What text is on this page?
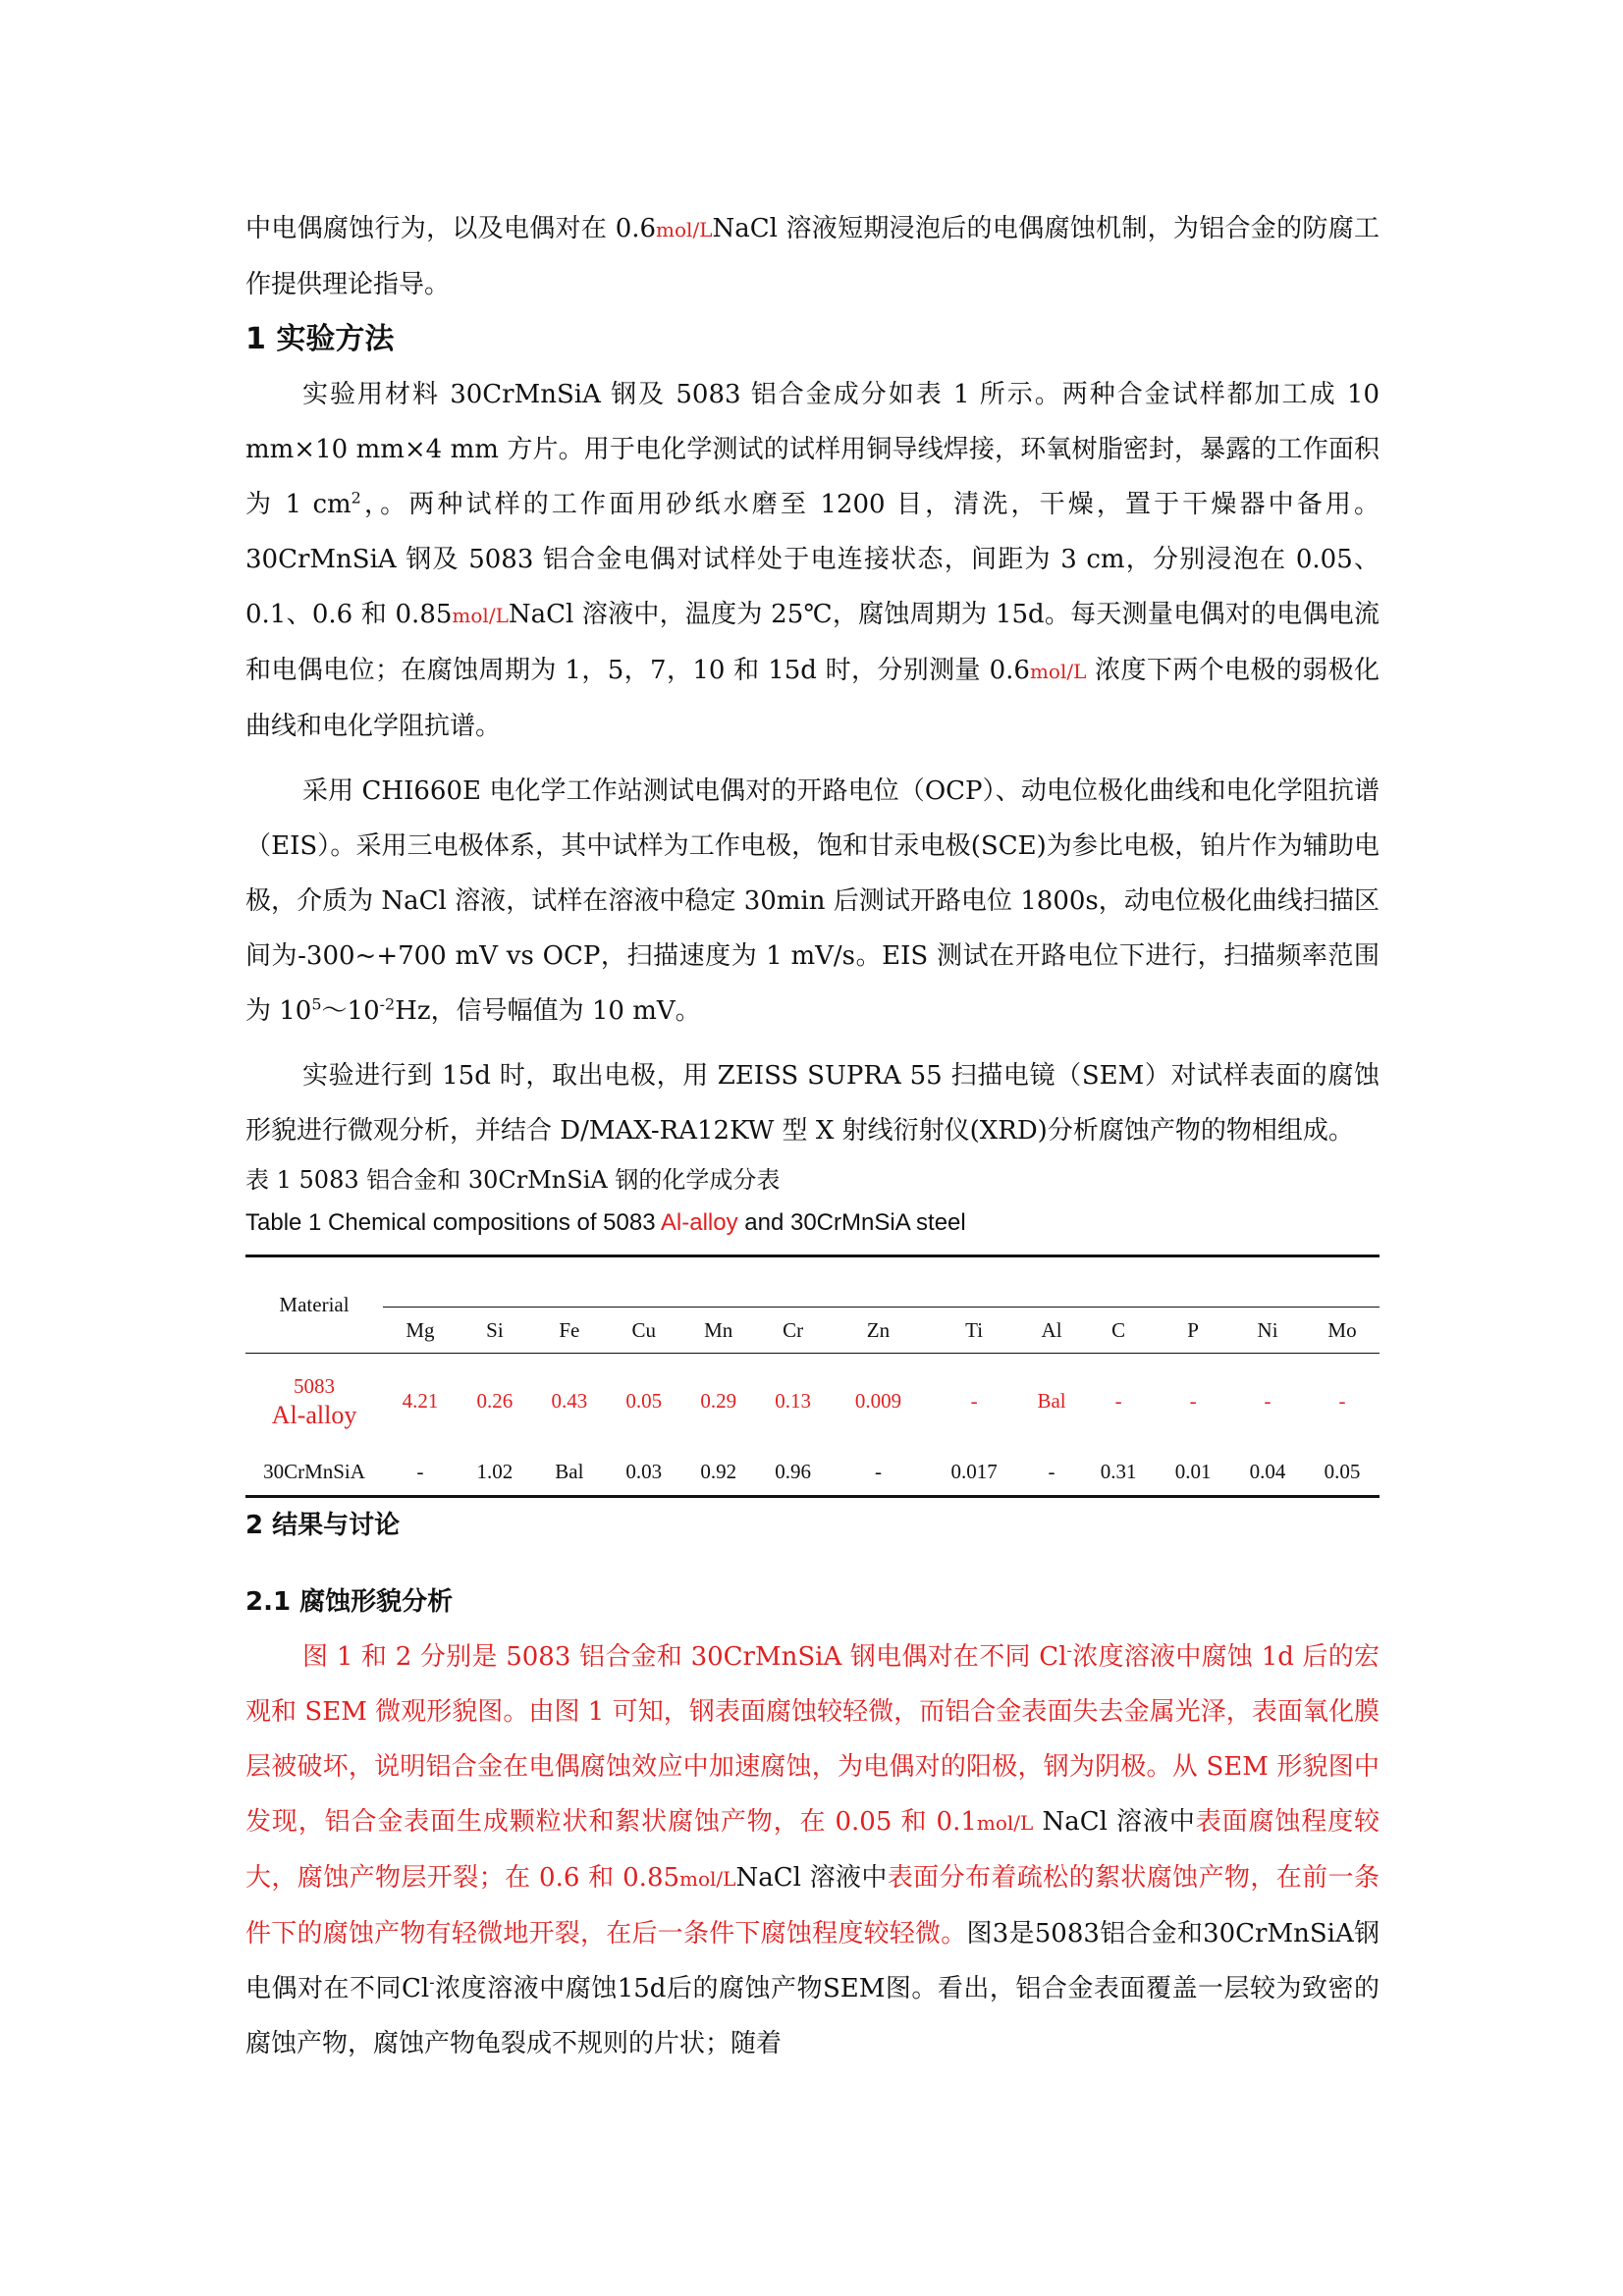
中电偶腐蚀行为，以及电偶对在 0.6mol/LNaCl 溶液短期浸泡后的电偶腐蚀机制，为铝合金的防腐工作提供理论指导。

1 实验方法

实验用材料 30CrMnSiA 钢及 5083 铝合金成分如表 1 所示。两种合金试样都加工成 10 mm×10 mm×4 mm 方片。用于电化学测试的试样用铜导线焊接，环氧树脂密封，暴露的工作面积为 1 $cm^2$，。两种试样的工作面用砂纸水磨至 1200 目，清洗，干燥，置于干燥器中备用。30CrMnSiA 钢及 5083 铝合金电偶对试样处于电连接状态，间距为 3 cm，分别浸泡在 0.05、0.1、0.6 和 0.85mol/LNaCl 溶液中，温度为 25℃，腐蚀周期为 15d。每天测量电偶对的电偶电流和电偶电位；在腐蚀周期为 1，5，7，10 和 15d 时，分别测量 0.6mol/L 浓度下两个电极的弱极化曲线和电化学阻抗谱。

采用 CHI660E 电化学工作站测试电偶对的开路电位（OCP）、动电位极化曲线和电化学阻抗谱（EIS）。采用三电极体系，其中试样为工作电极，饱和甘汞电极(SCE)为参比电极，铂片作为辅助电极，介质为 NaCl 溶液，试样在溶液中稳定 30min 后测试开路电位 1800s，动电位极化曲线扫描区间为-300~+700 mV vs OCP，扫描速度为 1 mV/s。EIS 测试在开路电位下进行，扫描频率范围为 $10^5\sim 10^{-2}Hz$，信号幅值为 10 mV。

实验进行到 15d 时，取出电极，用 ZEISS SUPRA 55 扫描电镜（SEM）对试样表面的腐蚀形貌进行微观分析，并结合 D/MAX-RA12KW 型 X 射线衍射仪(XRD)分析腐蚀产物的物相组成。

表 1 5083 铝合金和 30CrMnSiA 钢的化学成分表

Table 1 Chemical compositions of 5083 Al-alloy and 30CrMnSiA steel

Material													
	Mg	Si	Fe	Cu	Mn	Cr	Zn	Ti	Al	C	P	Ni	Mo

5083
Al-alloy	4.21	0.26	0.43	0.05	0.29	0.13	0.009	-	Bal	-	-	-	-
30CrMnSiA	-	1.02	Bal	0.03	0.92	0.96	-	0.017	-	0.31	0.01	0.04	0.05
2 结果与讨论
2.1 腐蚀形貌分析

图 1 和 2 分别是 5083 铝合金和 30CrMnSiA 钢电偶对在不同 Cl-浓度溶液中腐蚀 1d 后的宏观和 SEM 微观形貌图。由图 1 可知，钢表面腐蚀较轻微，而铝合金表面失去金属光泽，表面氧化膜层被破坏，说明铝合金在电偶腐蚀效应中加速腐蚀，为电偶对的阳极，钢为阴极。从 SEM 形貌图中发现，铝合金表面生成颗粒状和絮状腐蚀产物，在 0.05 和 0.1mol/L NaCl 溶液中表面腐蚀程度较大，腐蚀产物层开裂；在 0.6 和 0.85mol/LNaCl 溶液中表面分布着疏松的絮状腐蚀产物，在前一条件下的腐蚀产物有轻微地开裂，在后一条件下腐蚀程度较轻微。图3是5083铝合金和30CrMnSiA钢电偶对在不同Cl-浓度溶液中腐蚀15d后的腐蚀产物SEM图。看出，铝合金表面覆盖一层较为致密的腐蚀产物，腐蚀产物龟裂成不规则的片状；随着
